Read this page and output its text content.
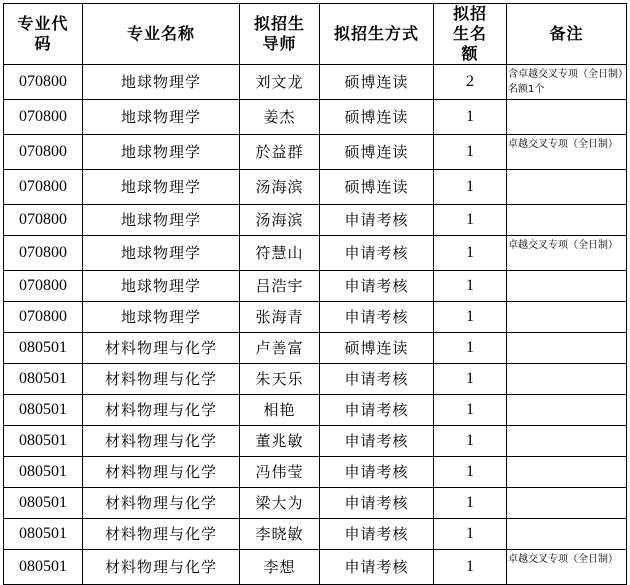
专业代码	专业名称	拟招生导师	拟招生方式	拟招生名额	备注
070800	地球物理学	刘文龙	硕博连读	2	含卓越交叉专项（全日制）名额1个
070800	地球物理学	姜杰	硕博连读	1	
070800	地球物理学	於益群	硕博连读	1	卓越交叉专项（全日制）
070800	地球物理学	汤海滨	硕博连读	1	
070800	地球物理学	汤海滨	申请考核	1	
070800	地球物理学	符慧山	申请考核	1	卓越交叉专项（全日制）
070800	地球物理学	吕浩宇	申请考核	1	
070800	地球物理学	张海青	申请考核	1	
080501	材料物理与化学	卢善富	硕博连读	1	
080501	材料物理与化学	朱天乐	申请考核	1	
080501	材料物理与化学	相艳	申请考核	1	
080501	材料物理与化学	董兆敏	申请考核	1	
080501	材料物理与化学	冯伟莹	申请考核	1	
080501	材料物理与化学	梁大为	申请考核	1	
080501	材料物理与化学	李晓敏	申请考核	1	
080501	材料物理与化学	李想	申请考核	1	卓越交叉专项（全日制）
